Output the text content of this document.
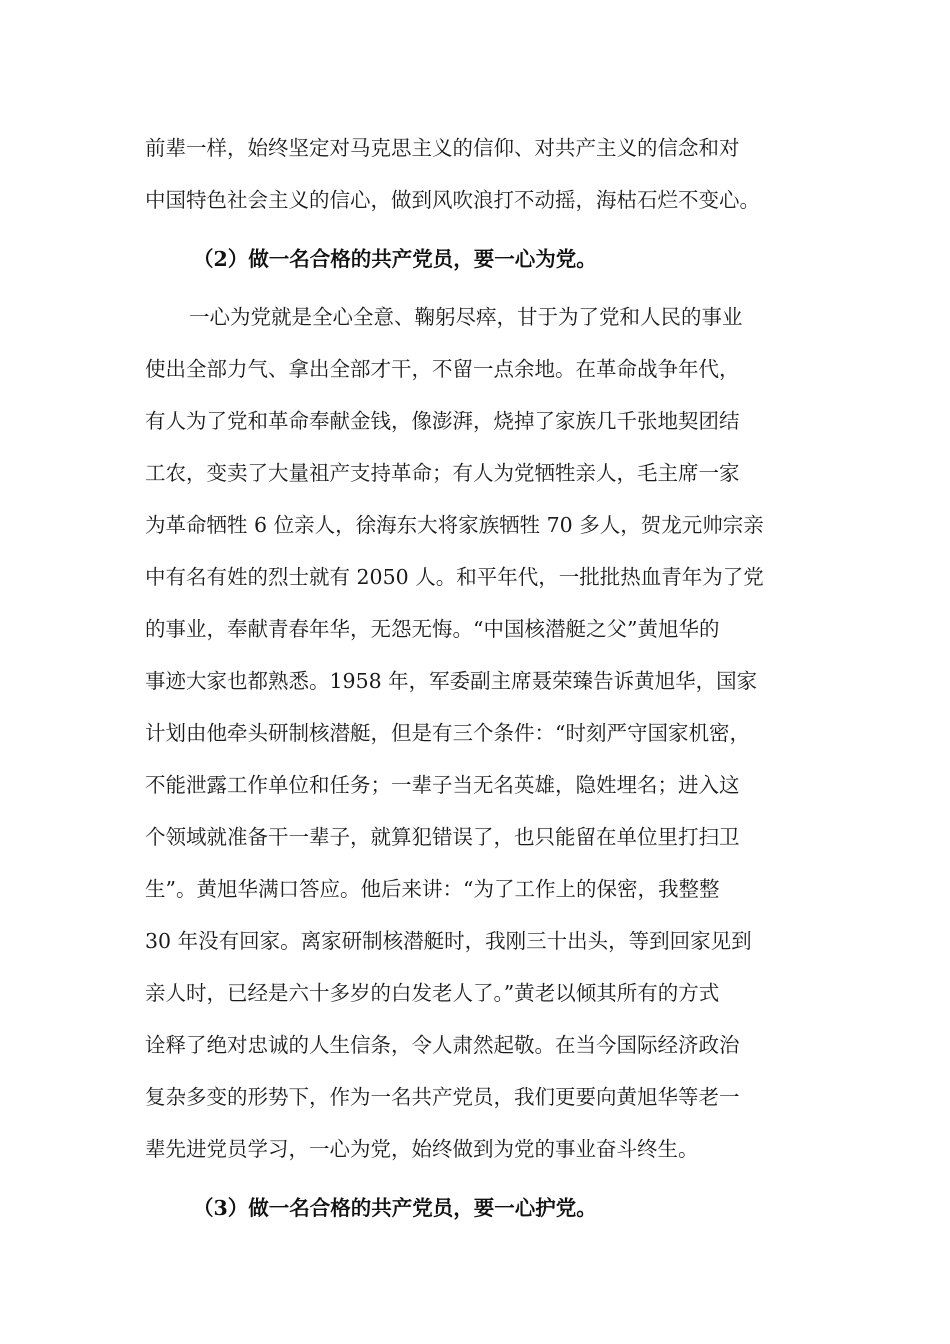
前辈一样，始终坚定对马克思主义的信仰、对共产主义的信念和对
中国特色社会主义的信心，做到风吹浪打不动摇，海枯石烂不变心。
（2）做一名合格的共产党员，要一心为党。
一心为党就是全心全意、鞠躬尽瘁，甘于为了党和人民的事业
使出全部力气、拿出全部才干，不留一点余地。在革命战争年代，
有人为了党和革命奉献金钱，像澎湃，烧掉了家族几千张地契团结
工农，变卖了大量祖产支持革命；有人为党牺牲亲人，毛主席一家
为革命牺牲 6 位亲人，徐海东大将家族牺牲 70 多人，贺龙元帅宗亲
中有名有姓的烈士就有 2050 人。和平年代，一批批热血青年为了党
的事业，奉献青春年华，无怨无悔。“中国核潜艇之父”黄旭华的
事迹大家也都熟悉。1958 年，军委副主席聂荣臻告诉黄旭华，国家
计划由他牵头研制核潜艇，但是有三个条件：“时刻严守国家机密，
不能泄露工作单位和任务；一辈子当无名英雄，隐姓埋名；进入这
个领域就准备干一辈子，就算犯错误了，也只能留在单位里打扫卫
生”。黄旭华满口答应。他后来讲：“为了工作上的保密，我整整
30 年没有回家。离家研制核潜艇时，我刚三十出头，等到回家见到
亲人时，已经是六十多岁的白发老人了。”黄老以倾其所有的方式
诠释了绝对忠诚的人生信条，令人肃然起敬。在当今国际经济政治
复杂多变的形势下，作为一名共产党员，我们更要向黄旭华等老一
辈先进党员学习，一心为党，始终做到为党的事业奋斗终生。
（3）做一名合格的共产党员，要一心护党。
